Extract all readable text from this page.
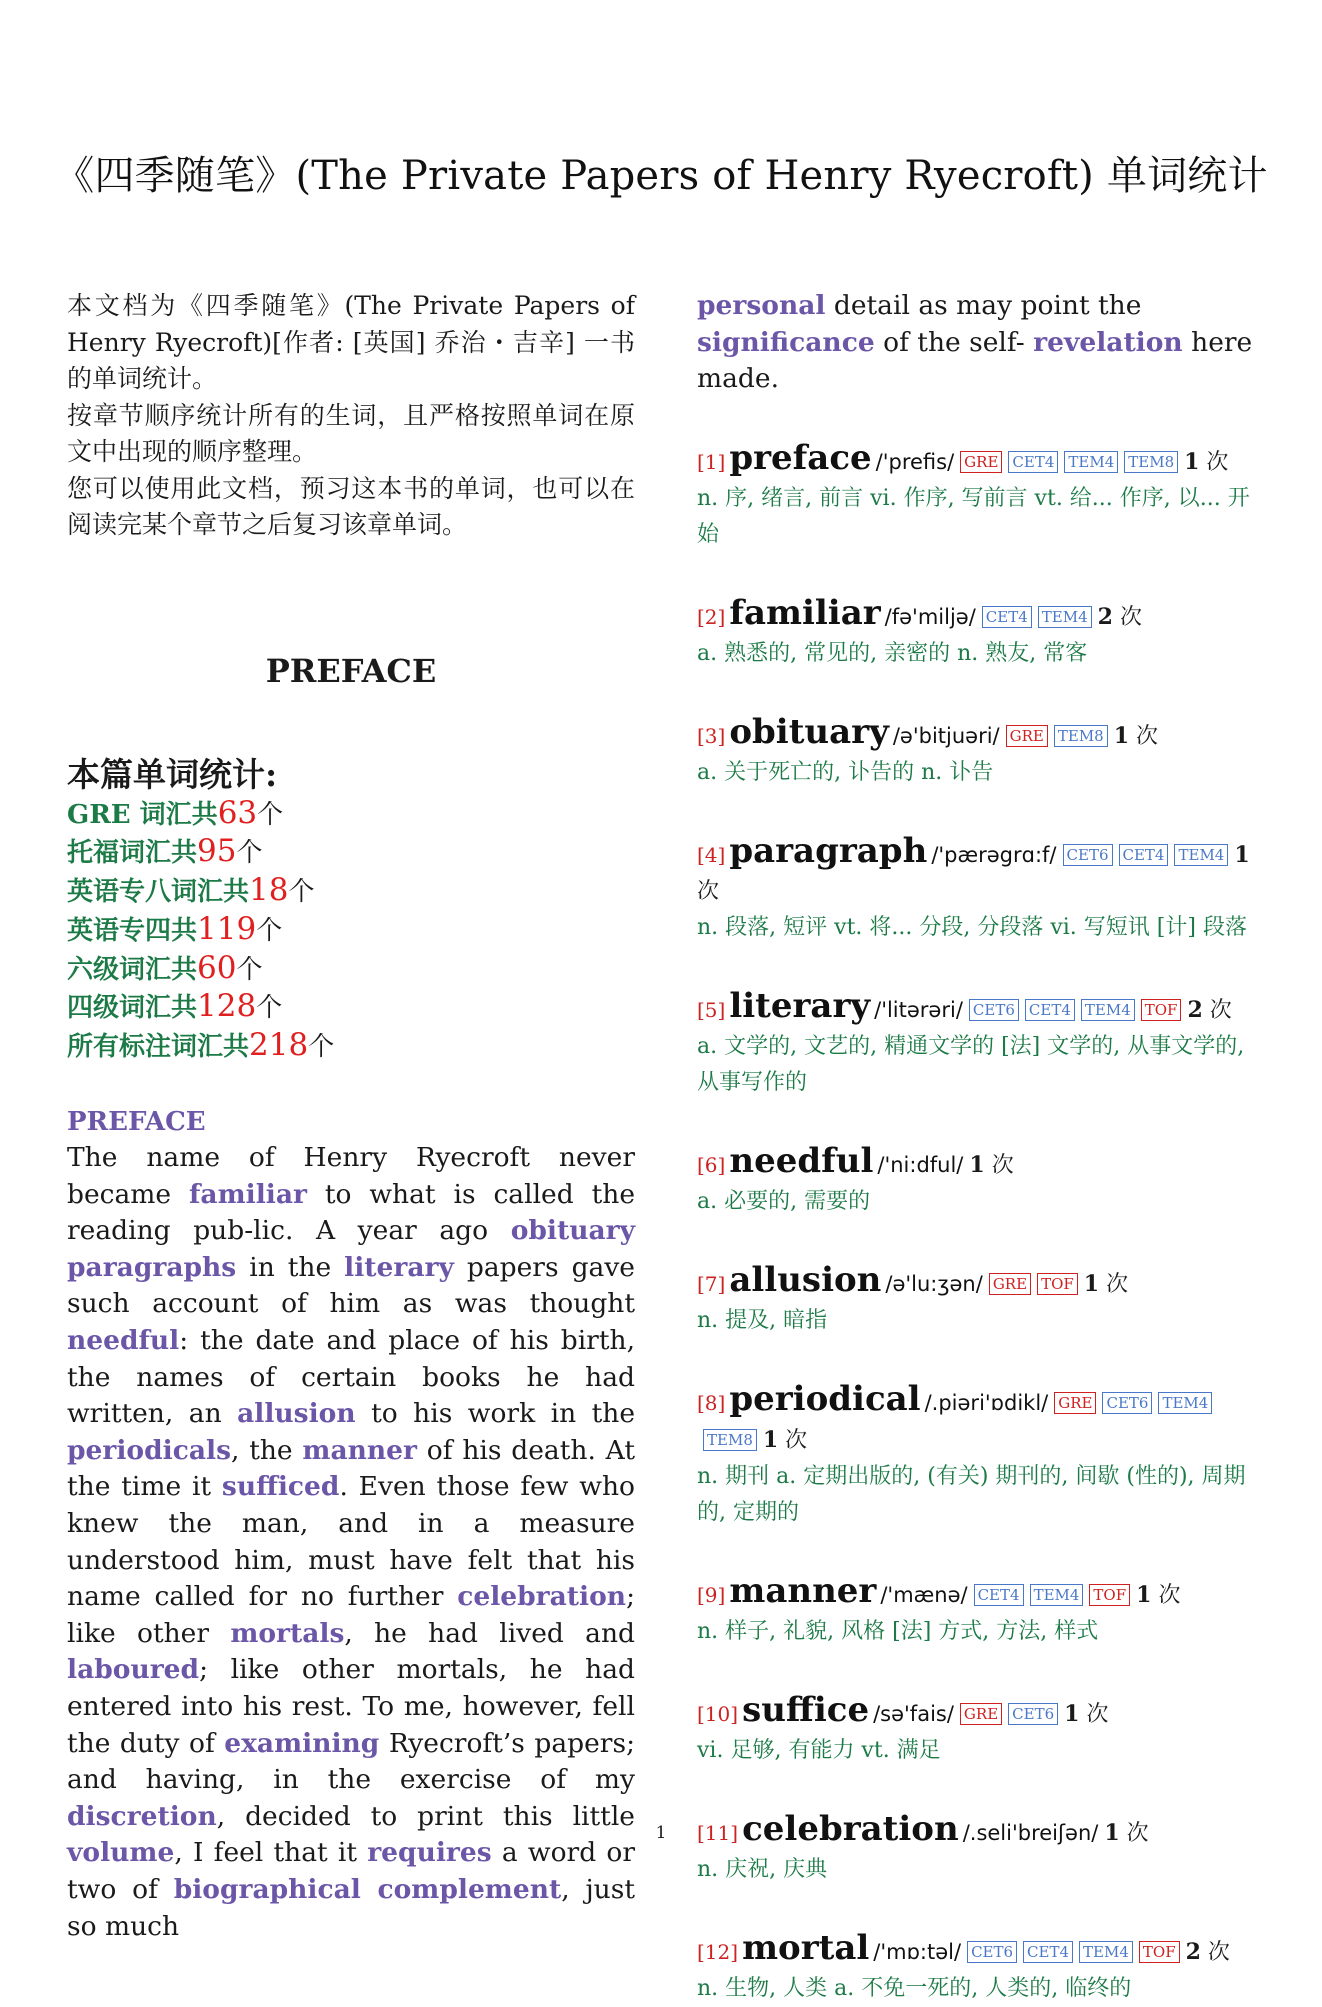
《四季随笔》(The Private Papers of Henry Ryecroft) 单词统计

本文档为《四季随笔》(The Private Papers of Henry Ryecroft)[作者: [英国] 乔治・吉辛] 一书的单词统计。

按章节顺序统计所有的生词，且严格按照单词在原文中出现的顺序整理。

您可以使用此文档，预习这本书的单词，也可以在阅读完某个章节之后复习该章单词。

PREFACE
本篇单词统计:
GRE 词汇共63个
托福词汇共95个
英语专八词汇共18个
英语专四共119个
六级词汇共60个
四级词汇共128个
所有标注词汇共218个
PREFACE

The name of Henry Ryecroft never became familiar to what is called the reading pub-lic. A year ago obituary paragraphs in the literary papers gave such account of him as was thought needful: the date and place of his birth, the names of certain books he had written, an allusion to his work in the periodicals, the manner of his death. At the time it sufficed. Even those few who knew the man, and in a measure understood him, must have felt that his name called for no further celebration; like other mortals, he had lived and laboured; like other mortals, he had entered into his rest. To me, however, fell the duty of examining Ryecroft’s papers; and having, in the exercise of my discretion, decided to print this little volume, I feel that it requires a word or two of biographical complement, just so much

personal detail as may point the significance of the self- revelation here made.

[1] preface /'prefis/ GRE CET4 TEM4 TEM8 1 次
n. 序, 绪言, 前言 vi. 作序, 写前言 vt. 给... 作序, 以... 开始
[2] familiar /fə'miljə/ CET4 TEM4 2 次
a. 熟悉的, 常见的, 亲密的 n. 熟友, 常客
[3] obituary /ə'bitjuəri/ GRE TEM8 1 次
a. 关于死亡的, 讣告的 n. 讣告
[4] paragraph /'pærəgrɑ:f/ CET6 CET4 TEM4 1 次
n. 段落, 短评 vt. 将... 分段, 分段落 vi. 写短讯 [计] 段落
[5] literary /'litərəri/ CET6 CET4 TEM4 TOF 2 次
a. 文学的, 文艺的, 精通文学的 [法] 文学的, 从事文学的, 从事写作的
[6] needful /'ni:dful/ 1 次
a. 必要的, 需要的
[7] allusion /ə'lu:ʒən/ GRE TOF 1 次
n. 提及, 暗指
[8] periodical /.piəri'ɒdikl/ GRE CET6 TEM4TEM8 1 次
n. 期刊 a. 定期出版的, (有关) 期刊的, 间歇 (性的), 周期的, 定期的
[9] manner /'mænə/ CET4 TEM4 TOF 1 次
n. 样子, 礼貌, 风格 [法] 方式, 方法, 样式
[10] suffice /sə'fais/ GRE CET6 1 次
vi. 足够, 有能力 vt. 满足
[11] celebration /.seli'breiʃən/ 1 次
n. 庆祝, 庆典
[12] mortal /'mɒ:təl/ CET6 CET4 TEM4 TOF 2 次
n. 生物, 人类 a. 不免一死的, 人类的, 临终的
1
